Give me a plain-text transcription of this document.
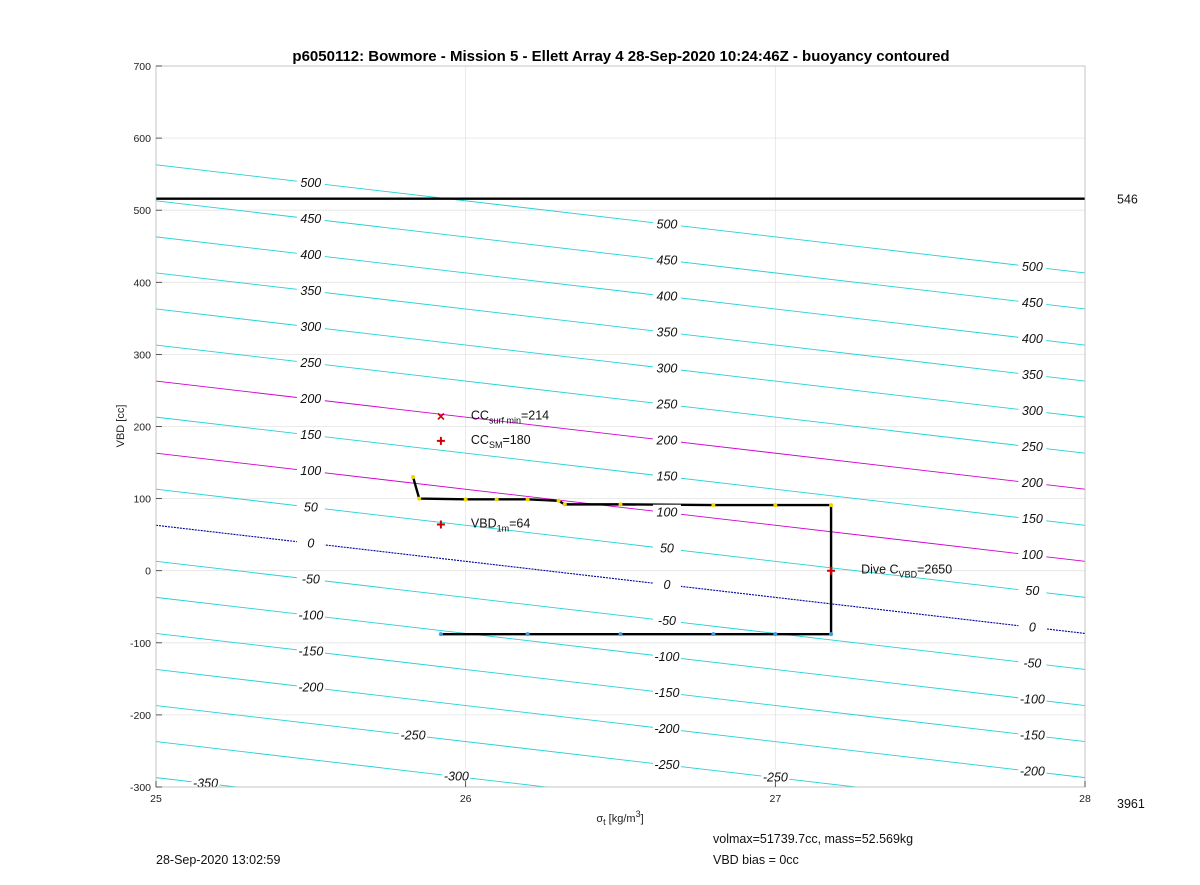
p6050112: Bowmore - Mission 5 - Ellett Array 4 28-Sep-2020 10:24:46Z - buoyancy contoured
546
500
500
500
450
450
450
400
400
400
350
350
350
300
300
300
250
250
250
200
200
200
150
150
150
100
100
100
50
50
50
0
0
0
-50
-50
-50
-100
-100
-100
-150
-150
-150
-200
-200
-200
-250
-250
-250
-300
-350
$CC_{surf min}=214$
$CC_{SM}=180$
$VBD_{1m}=64$
Dive $C_{VBD}=2650$
25	26	27	28
-300
-200
-100
0
100
200
300
400
500
600
700
VBD [cc]
$\sigma_t$ $[kg/m^3]$
3961
28-Sep-2020 13:02:59
volmax=51739.7cc, mass=52.569kg
VBD bias = 0cc
